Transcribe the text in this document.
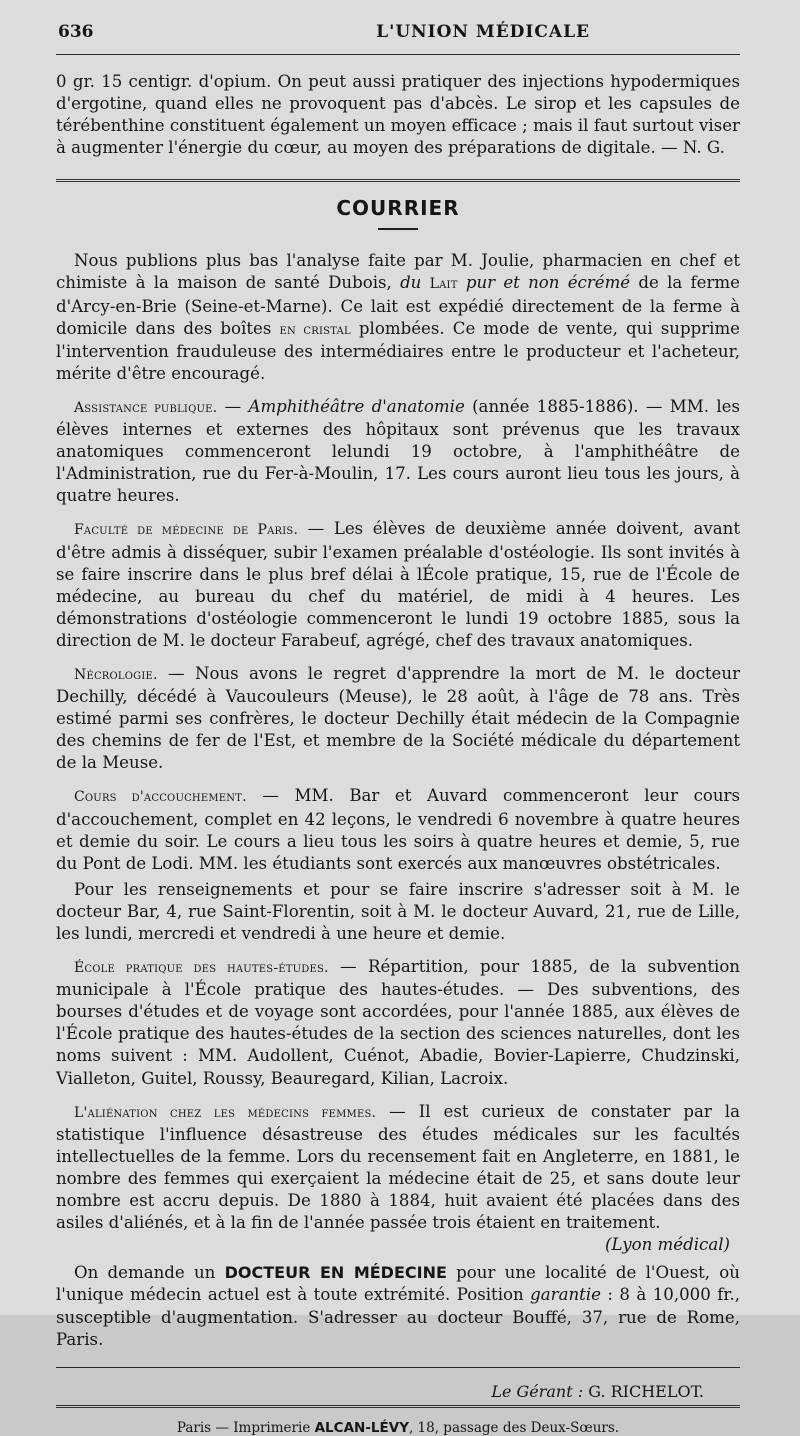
636	L'UNION MÉDICALE

0 gr. 15 centigr. d'opium. On peut aussi pratiquer des injections hypodermiques d'ergotine, quand elles ne provoquent pas d'abcès. Le sirop et les capsules de térébenthine constituent également un moyen efficace ; mais il faut surtout viser à augmenter l'énergie du cœur, au moyen des préparations de digitale. — N. G.

COURRIER

Nous publions plus bas l'analyse faite par M. Joulie, pharmacien en chef et chimiste à la maison de santé Dubois, du Lait pur et non écrémé de la ferme d'Arcy-en-Brie (Seine-et-Marne). Ce lait est expédié directement de la ferme à domicile dans des boîtes en cristal plombées. Ce mode de vente, qui supprime l'intervention frauduleuse des intermédiaires entre le producteur et l'acheteur, mérite d'être encouragé.

Assistance publique. — Amphithéâtre d'anatomie (année 1885-1886). — MM. les élèves internes et externes des hôpitaux sont prévenus que les travaux anatomiques commenceront lelundi 19 octobre, à l'amphithéâtre de l'Administration, rue du Fer-à-Moulin, 17. Les cours auront lieu tous les jours, à quatre heures.

Faculté de médecine de Paris. — Les élèves de deuxième année doivent, avant d'être admis à disséquer, subir l'examen préalable d'ostéologie. Ils sont invités à se faire inscrire dans le plus bref délai à lÉcole pratique, 15, rue de l'École de médecine, au bureau du chef du matériel, de midi à 4 heures. Les démonstrations d'ostéologie commenceront le lundi 19 octobre 1885, sous la direction de M. le docteur Farabeuf, agrégé, chef des travaux anatomiques.

Nécrologie. — Nous avons le regret d'apprendre la mort de M. le docteur Dechilly, décédé à Vaucouleurs (Meuse), le 28 août, à l'âge de 78 ans. Très estimé parmi ses confrères, le docteur Dechilly était médecin de la Compagnie des chemins de fer de l'Est, et membre de la Société médicale du département de la Meuse.

Cours d'accouchement. — MM. Bar et Auvard commenceront leur cours d'accouchement, complet en 42 leçons, le vendredi 6 novembre à quatre heures et demie du soir. Le cours a lieu tous les soirs à quatre heures et demie, 5, rue du Pont de Lodi. MM. les étudiants sont exercés aux manœuvres obstétricales.

Pour les renseignements et pour se faire inscrire s'adresser soit à M. le docteur Bar, 4, rue Saint-Florentin, soit à M. le docteur Auvard, 21, rue de Lille, les lundi, mercredi et vendredi à une heure et demie.

École pratique des hautes-études. — Répartition, pour 1885, de la subvention municipale à l'École pratique des hautes-études. — Des subventions, des bourses d'études et de voyage sont accordées, pour l'année 1885, aux élèves de l'École pratique des hautes-études de la section des sciences naturelles, dont les noms suivent : MM. Audollent, Cuénot, Abadie, Bovier-Lapierre, Chudzinski, Vialleton, Guitel, Roussy, Beauregard, Kilian, Lacroix.

L'aliénation chez les médecins femmes. — Il est curieux de constater par la statistique l'influence désastreuse des études médicales sur les facultés intellectuelles de la femme. Lors du recensement fait en Angleterre, en 1881, le nombre des femmes qui exerçaient la médecine était de 25, et sans doute leur nombre est accru depuis. De 1880 à 1884, huit avaient été placées dans des asiles d'aliénés, et à la fin de l'année passée trois étaient en traitement.

(Lyon médical)

On demande un DOCTEUR EN MÉDECINE pour une localité de l'Ouest, où l'unique médecin actuel est à toute extrémité. Position garantie : 8 à 10,000 fr., susceptible d'augmentation. S'adresser au docteur Bouffé, 37, rue de Rome, Paris.

Le Gérant : G. RICHELOT.
Paris — Imprimerie ALCAN-LÉVY, 18, passage des Deux-Sœurs.
